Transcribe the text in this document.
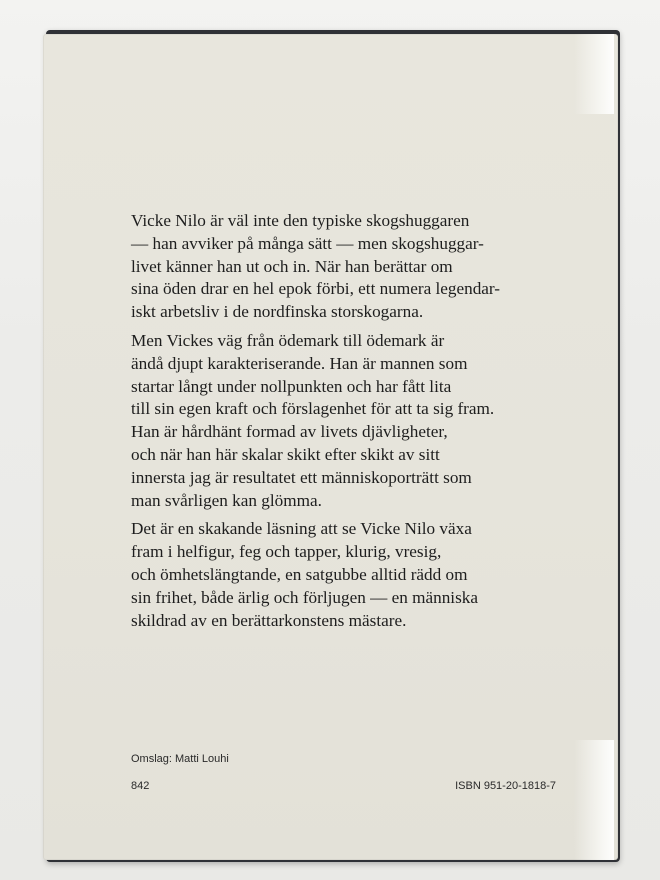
Vicke Nilo är väl inte den typiske skogshuggaren
— han avviker på många sätt — men skogshuggar-
livet känner han ut och in. När han berättar om
sina öden drar en hel epok förbi, ett numera legendar-
iskt arbetsliv i de nordfinska storskogarna.

Men Vickes väg från ödemark till ödemark är
ändå djupt karakteriserande. Han är mannen som
startar långt under nollpunkten och har fått lita
till sin egen kraft och förslagenhet för att ta sig fram.
Han är hårdhänt formad av livets djävligheter,
och när han här skalar skikt efter skikt av sitt
innersta jag är resultatet ett människoporträtt som
man svårligen kan glömma.

Det är en skakande läsning att se Vicke Nilo växa
fram i helfigur, feg och tapper, klurig, vresig,
och ömhetslängtande, en satgubbe alltid rädd om
sin frihet, både ärlig och förljugen — en människa
skildrad av en berättarkonstens mästare.

Omslag: Matti Louhi
842	ISBN 951-20-1818-7
